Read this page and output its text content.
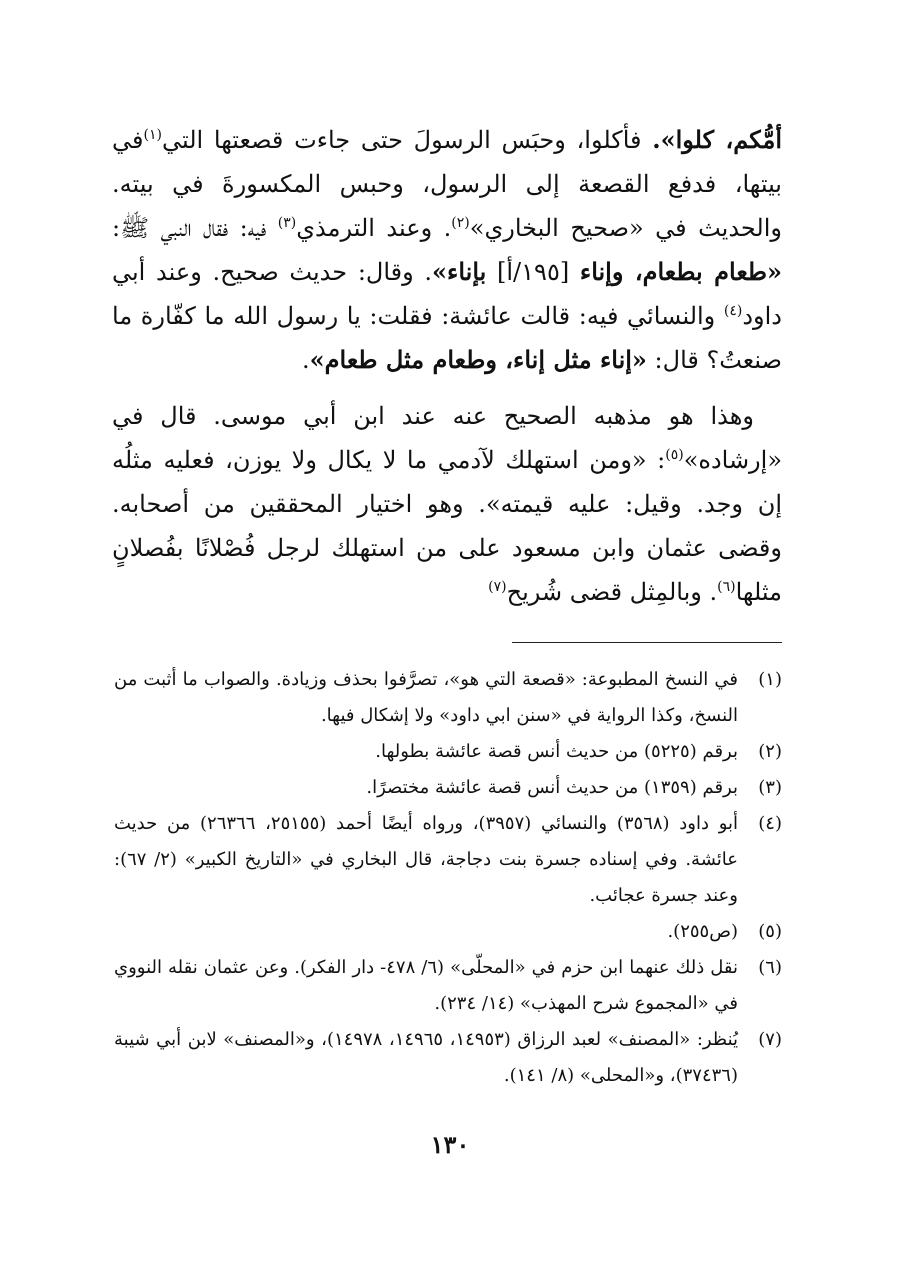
أمُّكم، كلوا». فأكلوا، وحبَس الرسولَ حتى جاءت قصعتها التي$^{(١)}$في بيتها، فدفع القصعة إلى الرسول، وحبس المكسورةَ في بيته. والحديث في «صحيح البخاري»$^{(٢)}$. وعند الترمذي$^{(٣)}$ فيه: فقال النبي ﷺ: «طعام بطعام، وإناء [١٩٥/أ] بإناء». وقال: حديث صحيح. وعند أبي داود$^{(٤)}$ والنسائي فيه: قالت عائشة: فقلت: يا رسول الله ما كفّارة ما صنعتُ؟ قال: «إناء مثل إناء، وطعام مثل طعام».

وهذا هو مذهبه الصحيح عنه عند ابن أبي موسى. قال في «إرشاده»$^{(٥)}$: «ومن استهلك لآدمي ما لا يكال ولا يوزن، فعليه مثلُه إن وجد. وقيل: عليه قيمته». وهو اختيار المحققين من أصحابه. وقضى عثمان وابن مسعود على من استهلك لرجل فُصْلانًا بفُصلانٍ مثلها$^{(٦)}$. وبالمِثل قضى شُريح$^{(٧)}$

(١)
في النسخ المطبوعة: «قصعة التي هو»، تصرَّفوا بحذف وزيادة. والصواب ما أثبت من النسخ، وكذا الرواية في «سنن ابي داود» ولا إشكال فيها.
(٢)
برقم (٥٢٢٥) من حديث أنس قصة عائشة بطولها.
(٣)
برقم (١٣٥٩) من حديث أنس قصة عائشة مختصرًا.
(٤)
أبو داود (٣٥٦٨) والنسائي (٣٩٥٧)، ورواه أيضًا أحمد (٢٥١٥٥، ٢٦٣٦٦) من حديث عائشة. وفي إسناده جسرة بنت دجاجة، قال البخاري في «التاريخ الكبير» (٢/ ٦٧): وعند جسرة عجائب.
(٥)
(ص٢٥٥).
(٦)
نقل ذلك عنهما ابن حزم في «المحلّى» (٦/ ٤٧٨- دار الفكر). وعن عثمان نقله النووي في «المجموع شرح المهذب» (١٤/ ٢٣٤).
(٧)
يُنظر: «المصنف» لعبد الرزاق (١٤٩٥٣، ١٤٩٦٥، ١٤٩٧٨)، و«المصنف» لابن أبي شيبة (٣٧٤٣٦)، و«المحلى» (٨/ ١٤١).
١٣٠
